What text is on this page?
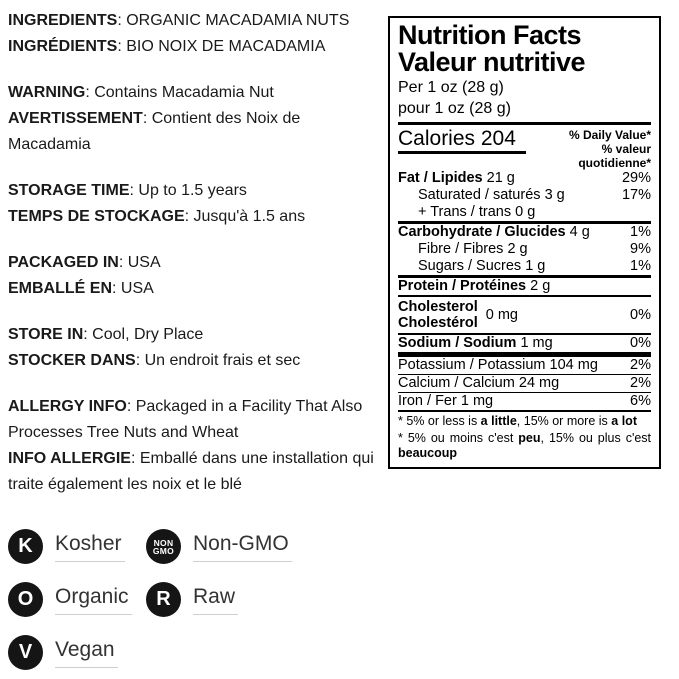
INGREDIENTS: ORGANIC MACADAMIA NUTS

INGRÉDIENTS: BIO NOIX DE MACADAMIA

WARNING: Contains Macadamia Nut

AVERTISSEMENT: Contient des Noix de Macadamia

STORAGE TIME: Up to 1.5 years

TEMPS DE STOCKAGE: Jusqu'à 1.5 ans

PACKAGED IN: USA

EMBALLÉ EN: USA

STORE IN: Cool, Dry Place

STOCKER DANS: Un endroit frais et sec

ALLERGY INFO: Packaged in a Facility That Also Processes Tree Nuts and Wheat

INFO ALLERGIE: Emballé dans une installation qui traite également les noix et le blé

K Kosher	NON
GMO Non-GMO
O Organic R Raw
V Vegan

Nutrition Facts

Valeur nutritive

Per 1 oz (28 g)

pour 1 oz (28 g)

Calories 204	% Daily Value*
% valeur quotidienne*

Fat / Lipides 21 g	29%

Saturated / saturés 3 g	17%

+ Trans / trans 0 g

Carbohydrate / Glucides 4 g	1%

Fibre / Fibres 2 g	9%

Sugars / Sucres 1 g	1%

Protein / Protéines 2 g

Cholesterol
Cholestérol 0 mg	0%

Sodium / Sodium 1 mg	0%

Potassium / Potassium 104 mg 2%

Calcium / Calcium 24 mg	2%

Iron / Fer 1 mg	6%

* 5% or less is a little, 15% or more is a lot

* 5% ou moins c'est peu, 15% ou plus c'est beaucoup
